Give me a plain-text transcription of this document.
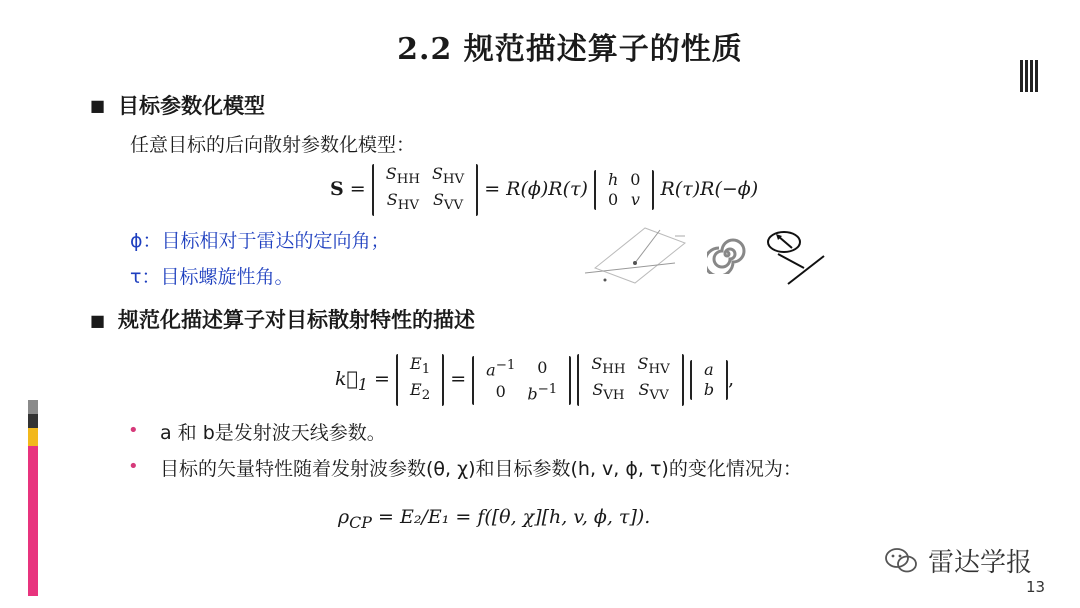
2.2 规范描述算子的性质
■ 目标参数化模型
任意目标的后向散射参数化模型：
S =
$S_{HH}$	$S_{HV}$
$S_{HV}$	$S_{VV}$
= R(ϕ)R(τ) h	0
0	v R(τ)R(−ϕ)
ϕ：目标相对于雷达的定向角；
τ：目标螺旋性角。
■ 规范化描述算子对目标散射特性的描述
$k_1$ =
$E_1$
$E_2$
= $a^{-1}$	0
0	$b^{-1}$

$S_{HH}$	$S_{HV}$
$S_{VH}$	$S_{VV}$

a
b ,
• a 和 b是发射波天线参数。
• 目标的矢量特性随着发射波参数(θ, χ)和目标参数(h, v, ϕ, τ)的变化情况为：
$\rho_{CP} = E_2/E_1 = f([\theta$, χ][h, v, ϕ, τ]).
雷达学报
13
